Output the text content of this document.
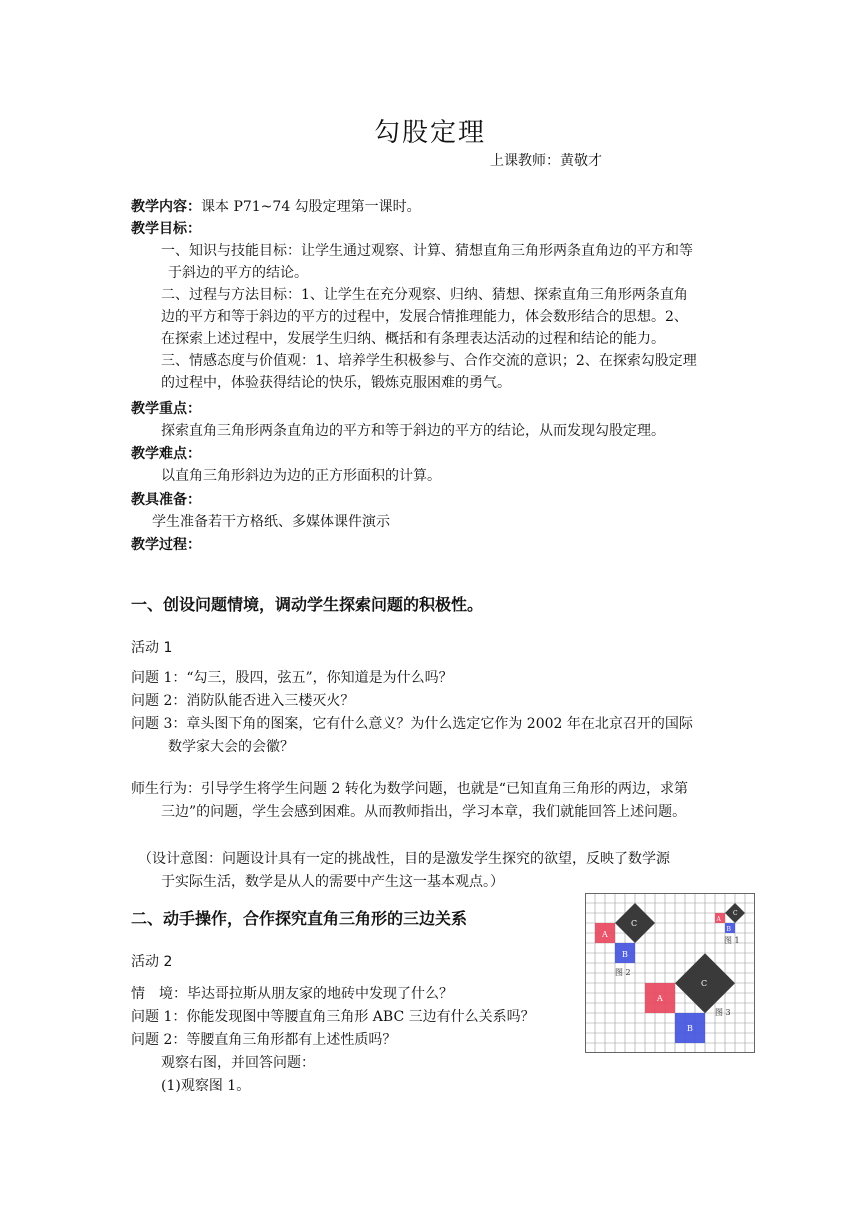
勾股定理
上课教师：黄敬才
教学内容：课本 P71~74 勾股定理第一课时。
教学目标：
一、知识与技能目标：让学生通过观察、计算、猜想直角三角形两条直角边的平方和等
于斜边的平方的结论。
二、过程与方法目标：1、让学生在充分观察、归纳、猜想、探索直角三角形两条直角
边的平方和等于斜边的平方的过程中，发展合情推理能力，体会数形结合的思想。2、
在探索上述过程中，发展学生归纳、概括和有条理表达活动的过程和结论的能力。
三、情感态度与价值观：1、培养学生积极参与、合作交流的意识；2、在探索勾股定理
的过程中，体验获得结论的快乐，锻炼克服困难的勇气。
教学重点：
探索直角三角形两条直角边的平方和等于斜边的平方的结论，从而发现勾股定理。
教学难点：
以直角三角形斜边为边的正方形面积的计算。
教具准备：
学生准备若干方格纸、多媒体课件演示
教学过程：
一、创设问题情境，调动学生探索问题的积极性。
活动 1
问题 1：“勾三，股四，弦五”，你知道是为什么吗？
问题 2：消防队能否进入三楼灭火？
问题 3：章头图下角的图案，它有什么意义？为什么选定它作为 2002 年在北京召开的国际
数学家大会的会徽？
师生行为：引导学生将学生问题 2 转化为数学问题，也就是“已知直角三角形的两边，求第
三边”的问题，学生会感到困难。从而教师指出，学习本章，我们就能回答上述问题。
（设计意图：问题设计具有一定的挑战性，目的是激发学生探究的欲望，反映了数学源
于实际生活，数学是从人的需要中产生这一基本观点。）
二、动手操作，合作探究直角三角形的三边关系
活动 2
情　境：毕达哥拉斯从朋友家的地砖中发现了什么？
问题 1：你能发现图中等腰直角三角形 ABC 三边有什么关系吗？
问题 2：等腰直角三角形都有上述性质吗？
观察右图，并回答问题：
(1)观察图 1。
A
B
C
图 2
A
B
C
图 3
A
B
C
图 1
